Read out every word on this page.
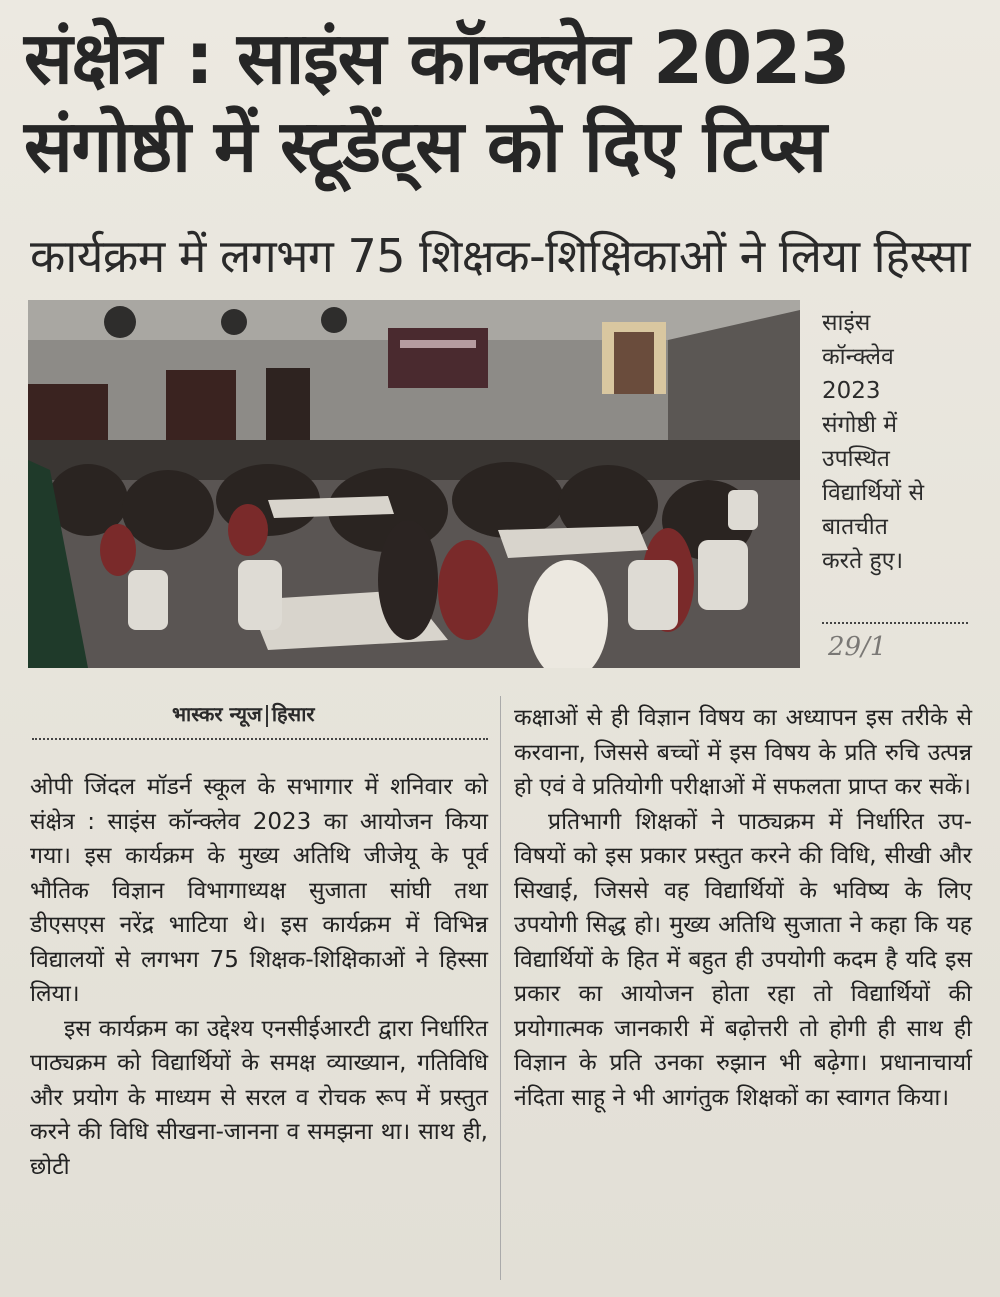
संक्षेत्र : साइंस कॉन्क्लेव 2023
संगोष्ठी में स्टूडेंट्स को दिए टिप्स
कार्यक्रम में लगभग 75 शिक्षक-शिक्षिकाओं ने लिया हिस्सा
साइंस
कॉन्क्लेव
2023
संगोष्ठी में
उपस्थित
विद्यार्थियों से
बातचीत
करते हुए।
29/1
भास्कर न्यूज हिसार

ओपी जिंदल मॉडर्न स्कूल के सभागार में शनिवार को संक्षेत्र : साइंस कॉन्क्लेव 2023 का आयोजन किया गया। इस कार्यक्रम के मुख्य अतिथि जीजेयू के पूर्व भौतिक विज्ञान विभागाध्यक्ष सुजाता सांघी तथा डीएसएस नरेंद्र भाटिया थे। इस कार्यक्रम में विभिन्न विद्यालयों से लगभग 75 शिक्षक-शिक्षिकाओं ने हिस्सा लिया।

इस कार्यक्रम का उद्देश्य एनसीईआरटी द्वारा निर्धारित पाठ्यक्रम को विद्यार्थियों के समक्ष व्याख्यान, गतिविधि और प्रयोग के माध्यम से सरल व रोचक रूप में प्रस्तुत करने की विधि सीखना-जानना व समझना था। साथ ही, छोटी

कक्षाओं से ही विज्ञान विषय का अध्यापन इस तरीके से करवाना, जिससे बच्चों में इस विषय के प्रति रुचि उत्पन्न हो एवं वे प्रतियोगी परीक्षाओं में सफलता प्राप्त कर सकें।

प्रतिभागी शिक्षकों ने पाठ्यक्रम में निर्धारित उप-विषयों को इस प्रकार प्रस्तुत करने की विधि, सीखी और सिखाई, जिससे वह विद्यार्थियों के भविष्य के लिए उपयोगी सिद्ध हो। मुख्य अतिथि सुजाता ने कहा कि यह विद्यार्थियों के हित में बहुत ही उपयोगी कदम है यदि इस प्रकार का आयोजन होता रहा तो विद्यार्थियों की प्रयोगात्मक जानकारी में बढ़ोत्तरी तो होगी ही साथ ही विज्ञान के प्रति उनका रुझान भी बढ़ेगा। प्रधानाचार्या नंदिता साहू ने भी आगंतुक शिक्षकों का स्वागत किया।
